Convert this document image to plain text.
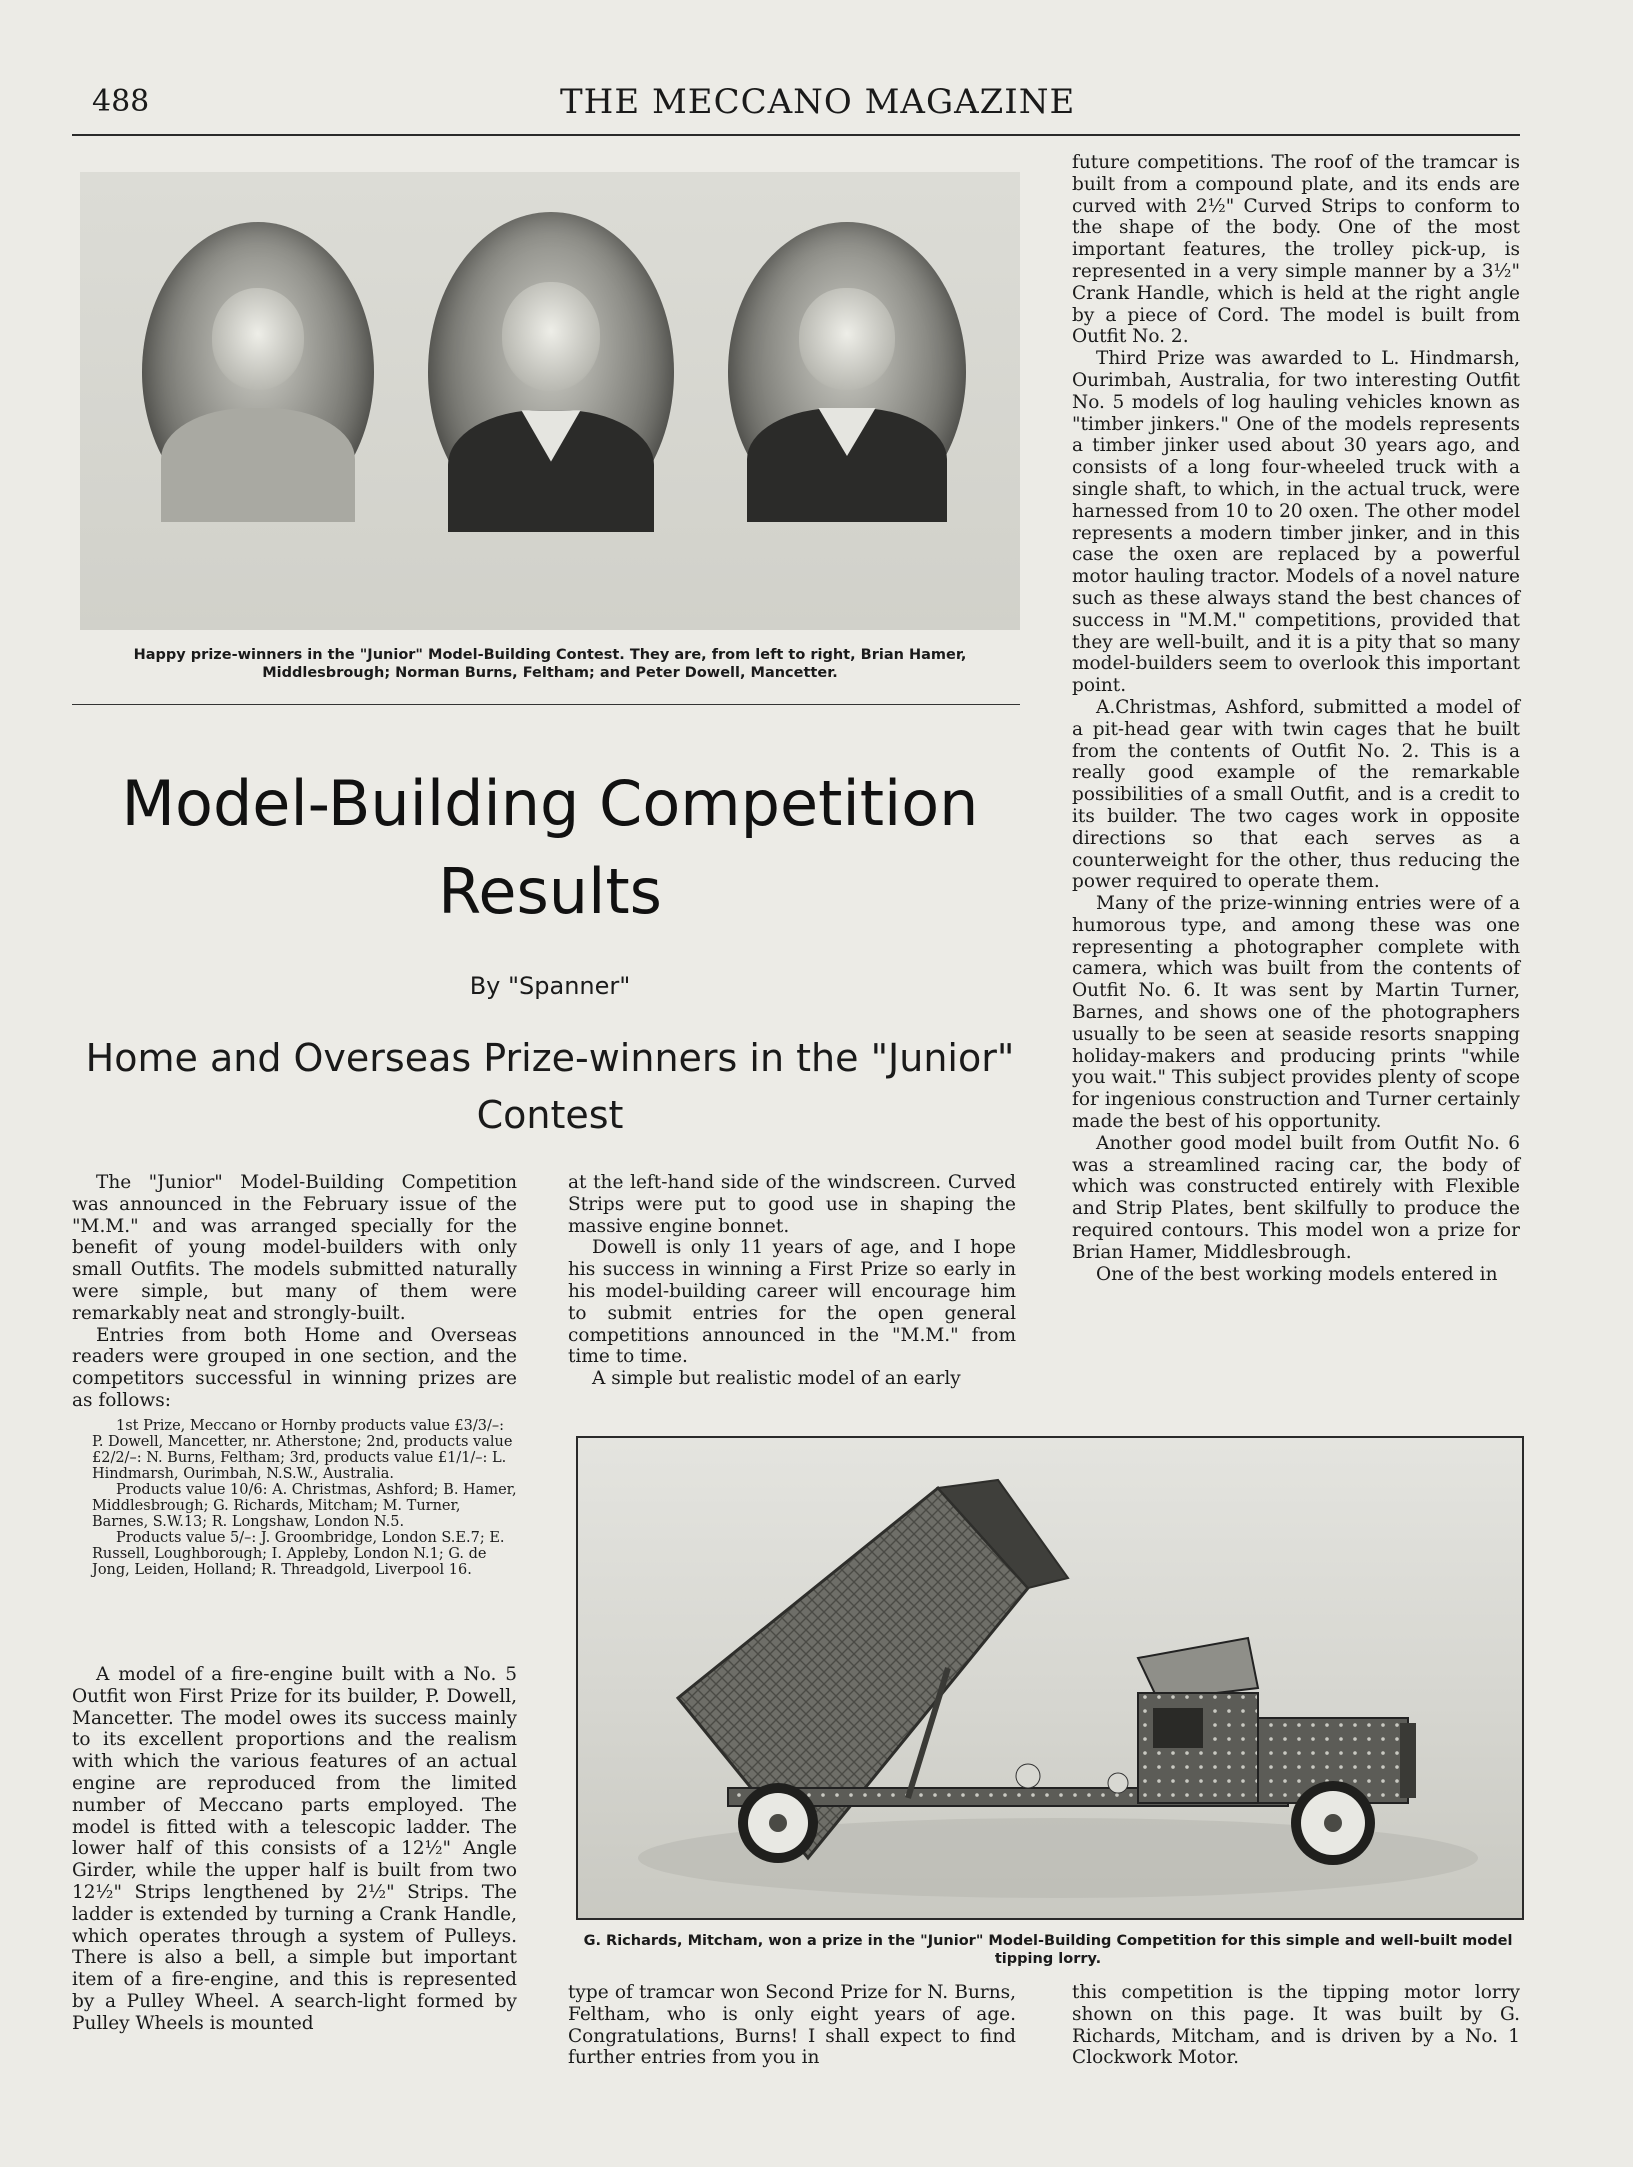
488	THE MECCANO MAGAZINE
Happy prize-winners in the "Junior" Model-Building Contest. They are, from left to right, Brian Hamer, Middlesbrough; Norman Burns, Feltham; and Peter Dowell, Mancetter.
Model-Building Competition Results
By "Spanner"
Home and Overseas Prize-winners in the "Junior" Contest

The "Junior" Model-Building Competition was announced in the February issue of the "M.M." and was arranged specially for the benefit of young model-builders with only small Outfits. The models submitted naturally were simple, but many of them were remarkably neat and strongly-built.

Entries from both Home and Overseas readers were grouped in one section, and the competitors successful in winning prizes are as follows:

1st Prize, Meccano or Hornby products value £3/3/–: P. Dowell, Mancetter, nr. Atherstone; 2nd, products value £2/2/–: N. Burns, Feltham; 3rd, products value £1/1/–: L. Hindmarsh, Ourimbah, N.S.W., Australia.

Products value 10/6: A. Christmas, Ashford; B. Hamer, Middlesbrough; G. Richards, Mitcham; M. Turner, Barnes, S.W.13; R. Longshaw, London N.5.

Products value 5/–: J. Groombridge, London S.E.7; E. Russell, Loughborough; I. Appleby, London N.1; G. de Jong, Leiden, Holland; R. Threadgold, Liverpool 16.

A model of a fire-engine built with a No. 5 Outfit won First Prize for its builder, P. Dowell, Mancetter. The model owes its success mainly to its excellent proportions and the realism with which the various features of an actual engine are reproduced from the limited number of Meccano parts employed. The model is fitted with a telescopic ladder. The lower half of this consists of a 12½" Angle Girder, while the upper half is built from two 12½" Strips lengthened by 2½" Strips. The ladder is extended by turning a Crank Handle, which operates through a system of Pulleys. There is also a bell, a simple but important item of a fire-engine, and this is represented by a Pulley Wheel. A search-light formed by Pulley Wheels is mounted

at the left-hand side of the windscreen. Curved Strips were put to good use in shaping the massive engine bonnet.

Dowell is only 11 years of age, and I hope his success in winning a First Prize so early in his model-building career will encourage him to submit entries for the open general competitions announced in the "M.M." from time to time.

A simple but realistic model of an early

future competitions. The roof of the tramcar is built from a compound plate, and its ends are curved with 2½" Curved Strips to conform to the shape of the body. One of the most important features, the trolley pick-up, is represented in a very simple manner by a 3½" Crank Handle, which is held at the right angle by a piece of Cord. The model is built from Outfit No. 2.

Third Prize was awarded to L. Hindmarsh, Ourimbah, Australia, for two interesting Outfit No. 5 models of log hauling vehicles known as "timber jinkers." One of the models represents a timber jinker used about 30 years ago, and consists of a long four-wheeled truck with a single shaft, to which, in the actual truck, were harnessed from 10 to 20 oxen. The other model represents a modern timber jinker, and in this case the oxen are replaced by a powerful motor hauling tractor. Models of a novel nature such as these always stand the best chances of success in "M.M." competitions, provided that they are well-built, and it is a pity that so many model-builders seem to overlook this important point.

A.Christmas, Ashford, submitted a model of a pit-head gear with twin cages that he built from the contents of Outfit No. 2. This is a really good example of the remarkable possibilities of a small Outfit, and is a credit to its builder. The two cages work in opposite directions so that each serves as a counterweight for the other, thus reducing the power required to operate them.

Many of the prize-winning entries were of a humorous type, and among these was one representing a photographer complete with camera, which was built from the contents of Outfit No. 6. It was sent by Martin Turner, Barnes, and shows one of the photographers usually to be seen at seaside resorts snapping holiday-makers and producing prints "while you wait." This subject provides plenty of scope for ingenious construction and Turner certainly made the best of his opportunity.

Another good model built from Outfit No. 6 was a streamlined racing car, the body of which was constructed entirely with Flexible and Strip Plates, bent skilfully to produce the required contours. This model won a prize for Brian Hamer, Middlesbrough.

One of the best working models entered in

G. Richards, Mitcham, won a prize in the "Junior" Model-Building Competition for this simple and well-built model tipping lorry.

type of tramcar won Second Prize for N. Burns, Feltham, who is only eight years of age. Congratulations, Burns! I shall expect to find further entries from you in

this competition is the tipping motor lorry shown on this page. It was built by G. Richards, Mitcham, and is driven by a No. 1 Clockwork Motor.
